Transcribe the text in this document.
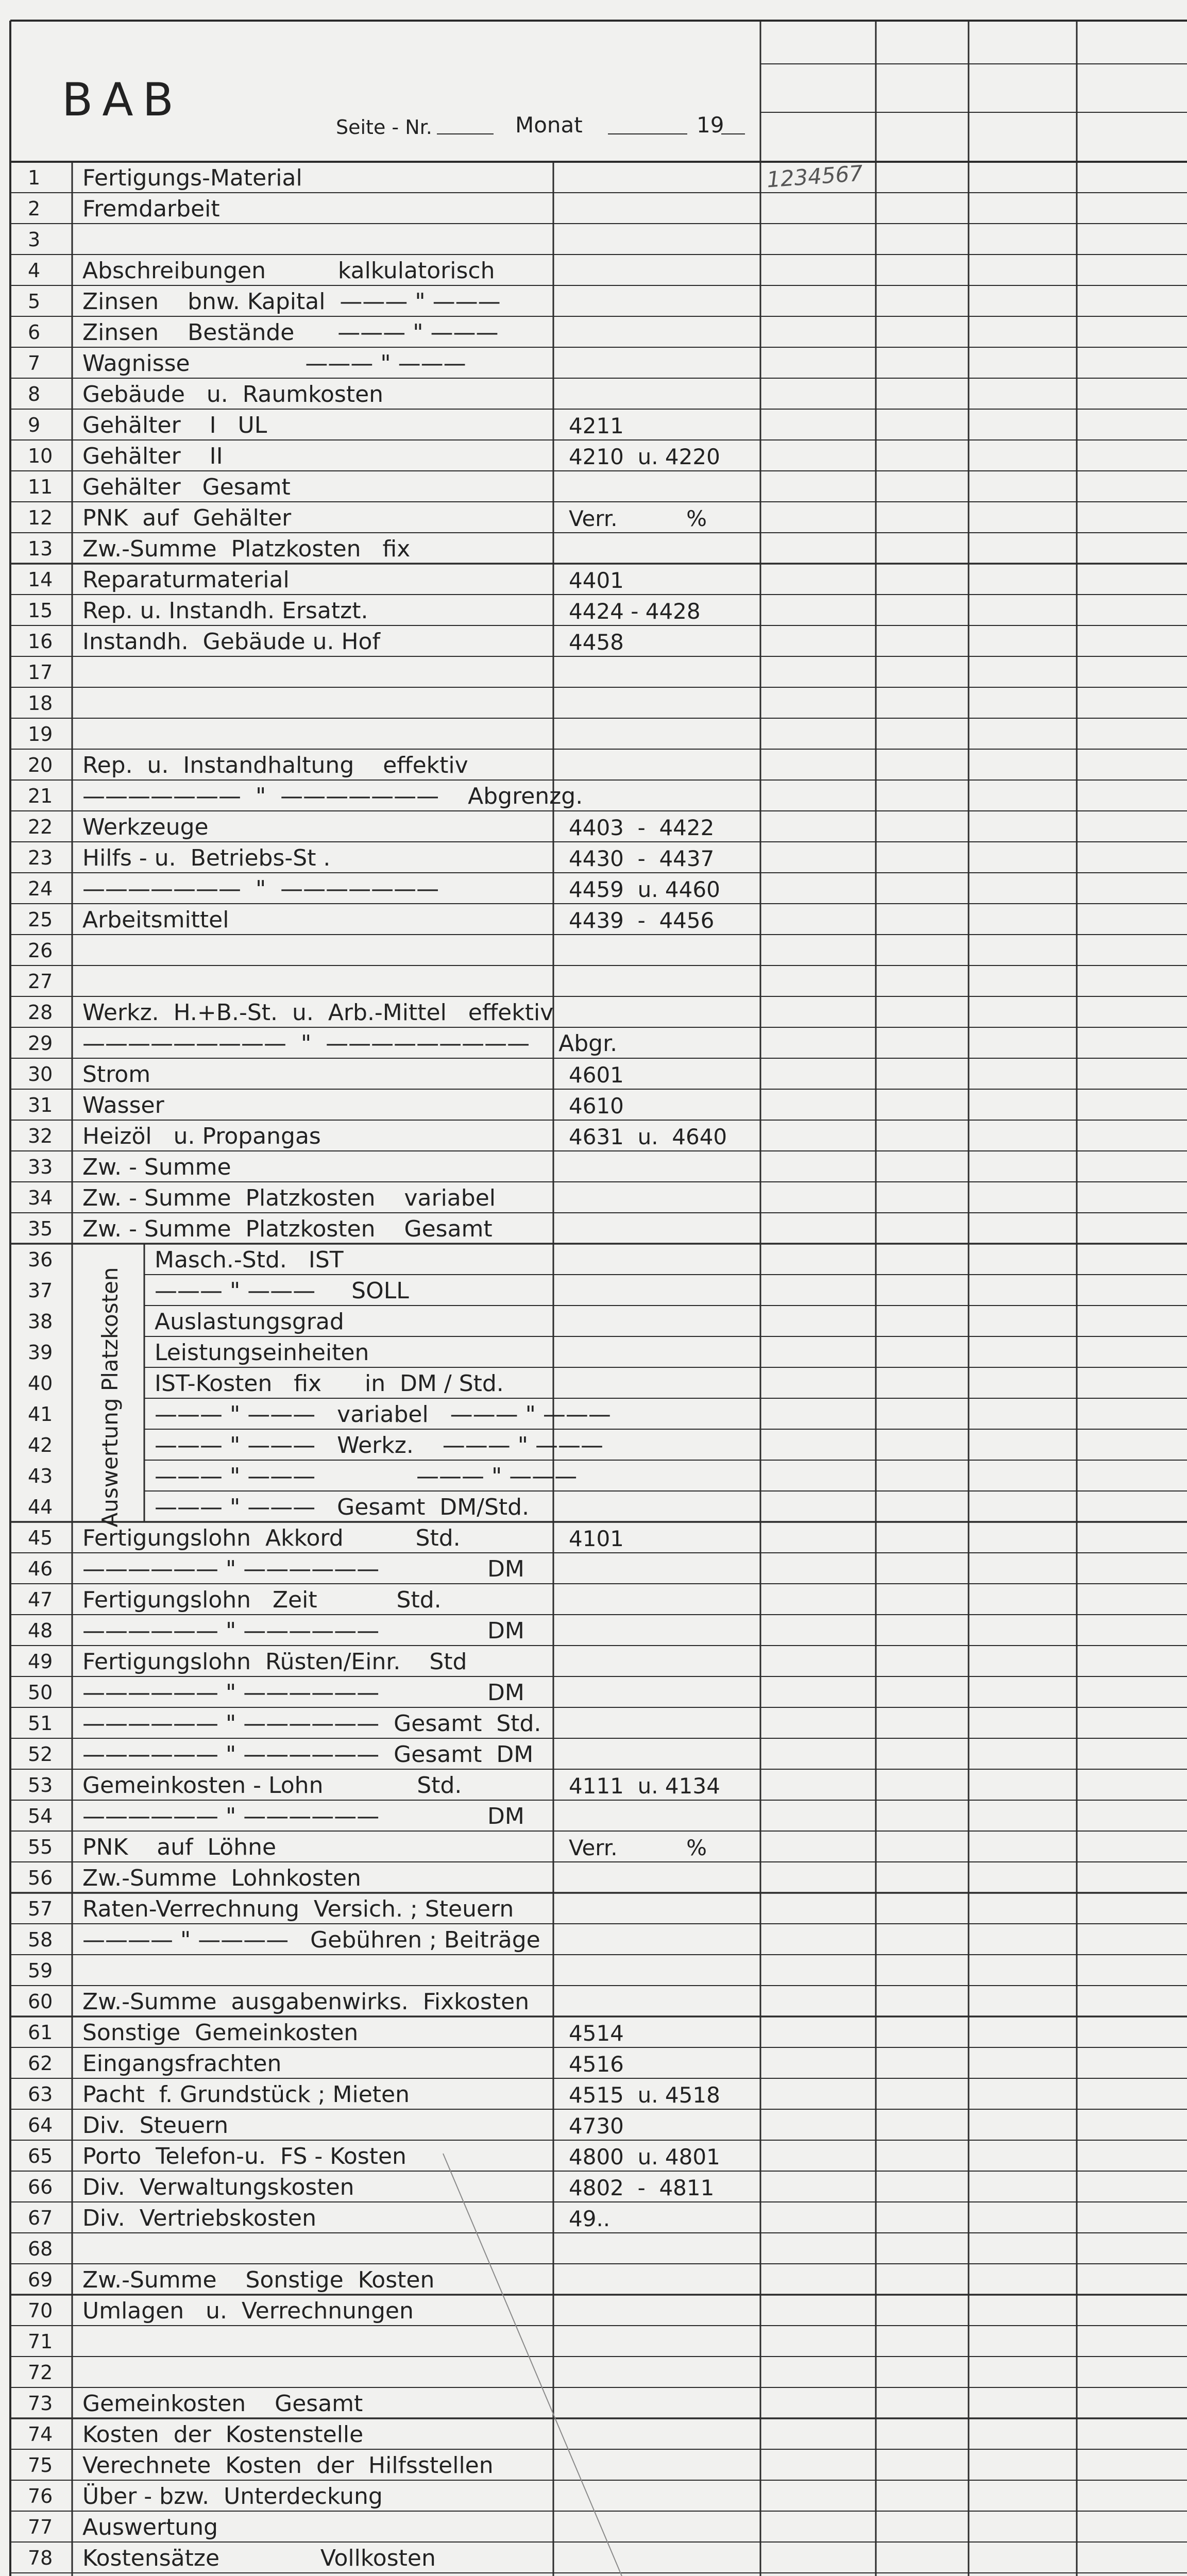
BAB
Seite - Nr.	Monat	19
1234567
Auswertung Platzkosten
1 Fertigungs-Material
2 Fremdarbeit
3
4 Abschreibungen          kalkulatorisch
5 Zinsen    bnw. Kapital  ——— " ———
6 Zinsen    Bestände      ——— " ———
7 Wagnisse                ——— " ———
8 Gebäude   u.  Raumkosten
9 Gehälter    I   UL	4211
10 Gehälter    II	4210  u. 4220
11 Gehälter   Gesamt
12 PNK  auf  Gehälter	Verr.          %
13 Zw.-Summe  Platzkosten   fix
14 Reparaturmaterial	4401
15 Rep. u. Instandh. Ersatzt.	4424 - 4428
16 Instandh.  Gebäude u. Hof	4458
17
18
19
20 Rep.  u.  Instandhaltung    effektiv
21 ———————  "  ———————    Abgrenzg.
22 Werkzeuge	4403  -  4422
23 Hilfs - u.  Betriebs-St .	4430  -  4437
24 ———————  "  ———————	4459  u. 4460
25 Arbeitsmittel	4439  -  4456
26
27
28 Werkz.  H.+B.-St.  u.  Arb.-Mittel   effektiv
29 —————————  "  —————————    Abgr.
30 Strom	4601
31 Wasser	4610
32 Heizöl   u. Propangas	4631  u.  4640
33 Zw. - Summe
34 Zw. - Summe  Platzkosten    variabel
35 Zw. - Summe  Platzkosten    Gesamt
36	Masch.-Std.   IST
37	——— " ———     SOLL
38	Auslastungsgrad
39	Leistungseinheiten
40	IST-Kosten   fix      in  DM / Std.
41	——— " ———   variabel   ——— " ———
42	——— " ———   Werkz.    ——— " ———
43	——— " ———              ——— " ———
44	——— " ———   Gesamt  DM/Std.
45 Fertigungslohn  Akkord          Std.	4101
46 —————— " ——————               DM
47 Fertigungslohn   Zeit           Std.
48 —————— " ——————               DM
49 Fertigungslohn  Rüsten/Einr.    Std
50 —————— " ——————               DM
51 —————— " ——————  Gesamt  Std.
52 —————— " ——————  Gesamt  DM
53 Gemeinkosten - Lohn             Std.	4111  u. 4134
54 —————— " ——————               DM
55 PNK    auf  Löhne	Verr.          %
56 Zw.-Summe  Lohnkosten
57 Raten-Verrechnung  Versich. ; Steuern
58 ———— " ————   Gebühren ; Beiträge
59
60 Zw.-Summe  ausgabenwirks.  Fixkosten
61 Sonstige  Gemeinkosten	4514
62 Eingangsfrachten	4516
63 Pacht  f. Grundstück ; Mieten	4515  u. 4518
64 Div.  Steuern	4730
65 Porto  Telefon-u.  FS - Kosten	4800  u. 4801
66 Div.  Verwaltungskosten	4802  -  4811
67 Div.  Vertriebskosten	49..
68
69 Zw.-Summe    Sonstige  Kosten
70 Umlagen   u.  Verrechnungen
71
72
73 Gemeinkosten    Gesamt
74 Kosten  der  Kostenstelle
75 Verechnete  Kosten  der  Hilfsstellen
76 Über - bzw.  Unterdeckung
77 Auswertung
78 Kostensätze              Vollkosten
